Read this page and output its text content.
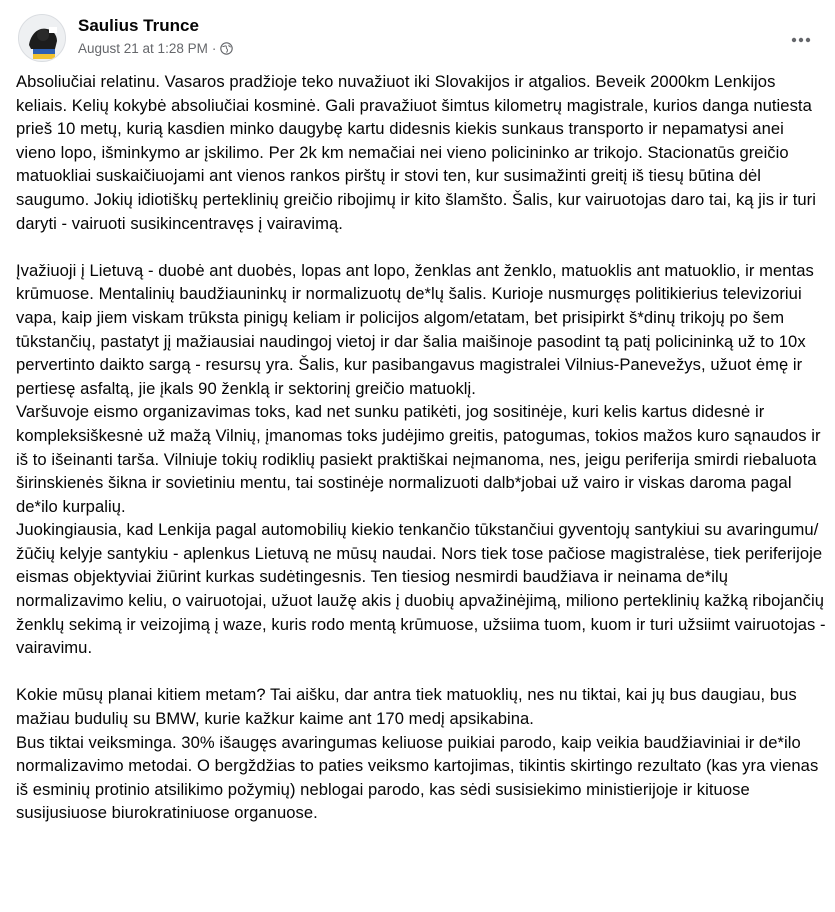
Saulius Trunce
August 21 at 1:28 PM ·

Absoliučiai relatinu. Vasaros pradžioje teko nuvažiuot iki Slovakijos ir atgalios. Beveik 2000km Lenkijos keliais. Kelių kokybė absoliučiai kosminė. Gali pravažiuot šimtus kilometrų magistrale, kurios danga nutiesta prieš 10 metų, kurią kasdien minko daugybę kartu didesnis kiekis sunkaus transporto ir nepamatysi anei vieno lopo, išminkymo ar įskilimo. Per 2k km nemačiai nei vieno policininko ar trikojo. Stacionatūs greičio matuokliai suskaičiuojami ant vienos rankos pirštų ir stovi ten, kur susimažinti greitį iš tiesų būtina dėl saugumo. Jokių idiotiškų perteklinių greičio ribojimų ir kito šlamšto. Šalis, kur vairuotojas daro tai, ką jis ir turi daryti - vairuoti susikincentravęs į vairavimą.

Įvažiuoji į Lietuvą - duobė ant duobės, lopas ant lopo, ženklas ant ženklo, matuoklis ant matuoklio, ir mentas krūmuose. Mentalinių baudžiauninkų ir normalizuotų de*lų šalis. Kurioje nusmurgęs politikierius televizoriui vapa, kaip jiem viskam trūksta pinigų keliam ir policijos algom/etatam, bet prisipirkt š*dinų trikojų po šem tūkstančių, pastatyt jį mažiausiai naudingoj vietoj ir dar šalia maišinoje pasodint tą patį policininką už to 10x pervertinto daikto sargą - resursų yra. Šalis, kur pasibangavus magistralei Vilnius-Panevežys, užuot ėmę ir pertiesę asfaltą, jie įkals 90 ženklą ir sektorinį greičio matuoklį.
Varšuvoje eismo organizavimas toks, kad net sunku patikėti, jog sositinėje, kuri kelis kartus didesnė ir kompleksiškesnė už mažą Vilnių, įmanomas toks judėjimo greitis, patogumas, tokios mažos kuro sąnaudos ir iš to išeinanti tarša. Vilniuje tokių rodiklių pasiekt praktiškai neįmanoma, nes, jeigu periferija smirdi riebaluota širinskienės šikna ir sovietiniu mentu, tai sostinėje normalizuoti dalb*jobai už vairo ir viskas daroma pagal de*ilo kurpalių.
Juokingiausia, kad Lenkija pagal automobilių kiekio tenkančio tūkstančiui gyventojų santykiui su avaringumu/žūčių kelyje santykiu - aplenkus Lietuvą ne mūsų naudai. Nors tiek tose pačiose magistralėse, tiek periferijoje eismas objektyviai žiūrint kurkas sudėtingesnis. Ten tiesiog nesmirdi baudžiava ir neinama de*ilų normalizavimo keliu, o vairuotojai, užuot laužę akis į duobių apvažinėjimą, miliono perteklinių kažką ribojančių ženklų sekimą ir veizojimą į waze, kuris rodo mentą krūmuose, užsiima tuom, kuom ir turi užsiimt vairuotojas - vairavimu.

Kokie mūsų planai kitiem metam? Tai aišku, dar antra tiek matuoklių, nes nu tiktai, kai jų bus daugiau, bus mažiau budulių su BMW, kurie kažkur kaime ant 170 medį apsikabina.
Bus tiktai veiksminga. 30% išaugęs avaringumas keliuose puikiai parodo, kaip veikia baudžiaviniai ir de*ilo normalizavimo metodai. O bergždžias to paties veiksmo kartojimas, tikintis skirtingo rezultato (kas yra vienas iš esminių protinio atsilikimo požymių) neblogai parodo, kas sėdi susisiekimo ministierijoje ir kituose susijusiuose biurokratiniuose organuose.
